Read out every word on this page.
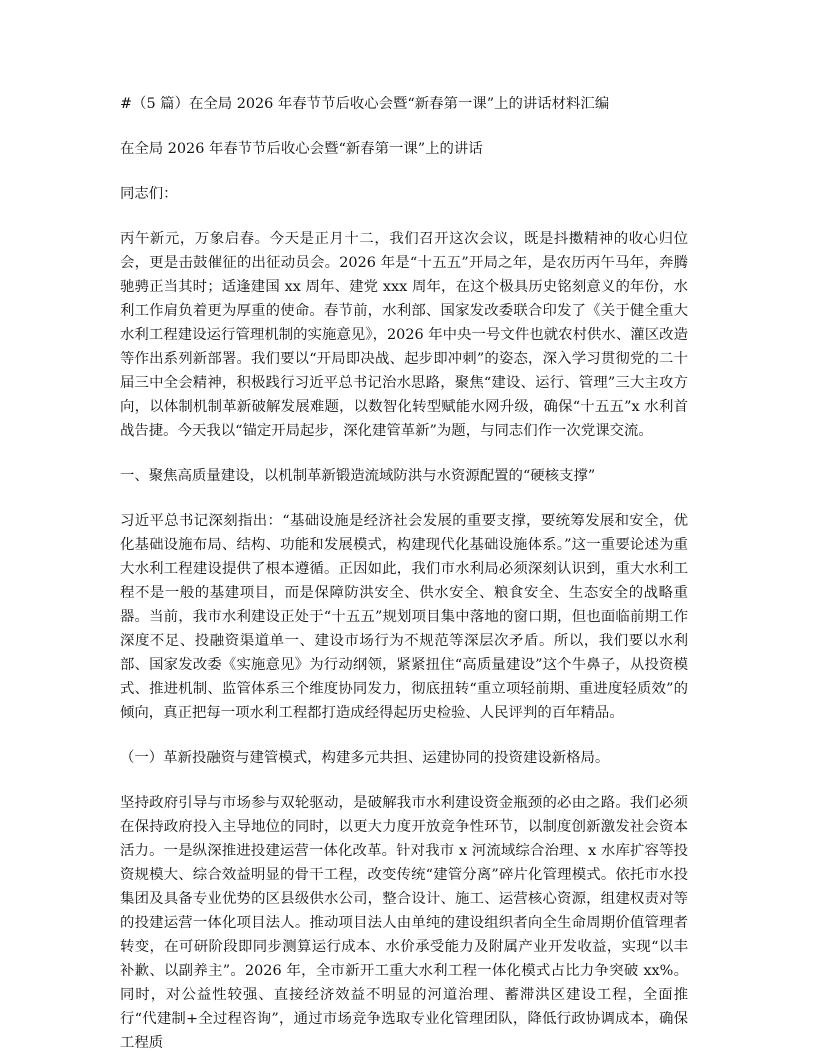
#（5 篇）在全局 2026 年春节节后收心会暨“新春第一课”上的讲话材料汇编
在全局 2026 年春节节后收心会暨“新春第一课”上的讲话
同志们：
丙午新元，万象启春。今天是正月十二，我们召开这次会议，既是抖擞精神的收心归位会，更是击鼓催征的出征动员会。2026 年是“十五五”开局之年，是农历丙午马年，奔腾驰骋正当其时；适逢建国 xx 周年、建党 xxx 周年，在这个极具历史铭刻意义的年份，水利工作肩负着更为厚重的使命。春节前，水利部、国家发改委联合印发了《关于健全重大水利工程建设运行管理机制的实施意见》，2026 年中央一号文件也就农村供水、灌区改造等作出系列新部署。我们要以“开局即决战、起步即冲刺”的姿态，深入学习贯彻党的二十届三中全会精神，积极践行习近平总书记治水思路，聚焦“建设、运行、管理”三大主攻方向，以体制机制革新破解发展难题，以数智化转型赋能水网升级，确保“十五五”x 水利首战告捷。今天我以“锚定开局起步，深化建管革新”为题，与同志们作一次党课交流。
一、聚焦高质量建设，以机制革新锻造流域防洪与水资源配置的“硬核支撑”
习近平总书记深刻指出：“基础设施是经济社会发展的重要支撑，要统筹发展和安全，优化基础设施布局、结构、功能和发展模式，构建现代化基础设施体系。”这一重要论述为重大水利工程建设提供了根本遵循。正因如此，我们市水利局必须深刻认识到，重大水利工程不是一般的基建项目，而是保障防洪安全、供水安全、粮食安全、生态安全的战略重器。当前，我市水利建设正处于“十五五”规划项目集中落地的窗口期，但也面临前期工作深度不足、投融资渠道单一、建设市场行为不规范等深层次矛盾。所以，我们要以水利部、国家发改委《实施意见》为行动纲领，紧紧扭住“高质量建设”这个牛鼻子，从投资模式、推进机制、监管体系三个维度协同发力，彻底扭转“重立项轻前期、重进度轻质效”的倾向，真正把每一项水利工程都打造成经得起历史检验、人民评判的百年精品。
（一）革新投融资与建管模式，构建多元共担、运建协同的投资建设新格局。
坚持政府引导与市场参与双轮驱动，是破解我市水利建设资金瓶颈的必由之路。我们必须在保持政府投入主导地位的同时，以更大力度开放竞争性环节，以制度创新激发社会资本活力。一是纵深推进投建运营一体化改革。针对我市 x 河流域综合治理、x 水库扩容等投资规模大、综合效益明显的骨干工程，改变传统“建管分离”碎片化管理模式。依托市水投集团及具备专业优势的区县级供水公司，整合设计、施工、运营核心资源，组建权责对等的投建运营一体化项目法人。推动项目法人由单纯的建设组织者向全生命周期价值管理者转变，在可研阶段即同步测算运行成本、水价承受能力及附属产业开发收益，实现“以丰补歉、以副养主”。2026 年，全市新开工重大水利工程一体化模式占比力争突破 xx%。同时，对公益性较强、直接经济效益不明显的河道治理、蓄滞洪区建设工程，全面推行“代建制+全过程咨询”，通过市场竞争选取专业化管理团队，降低行政协调成本，确保工程质
